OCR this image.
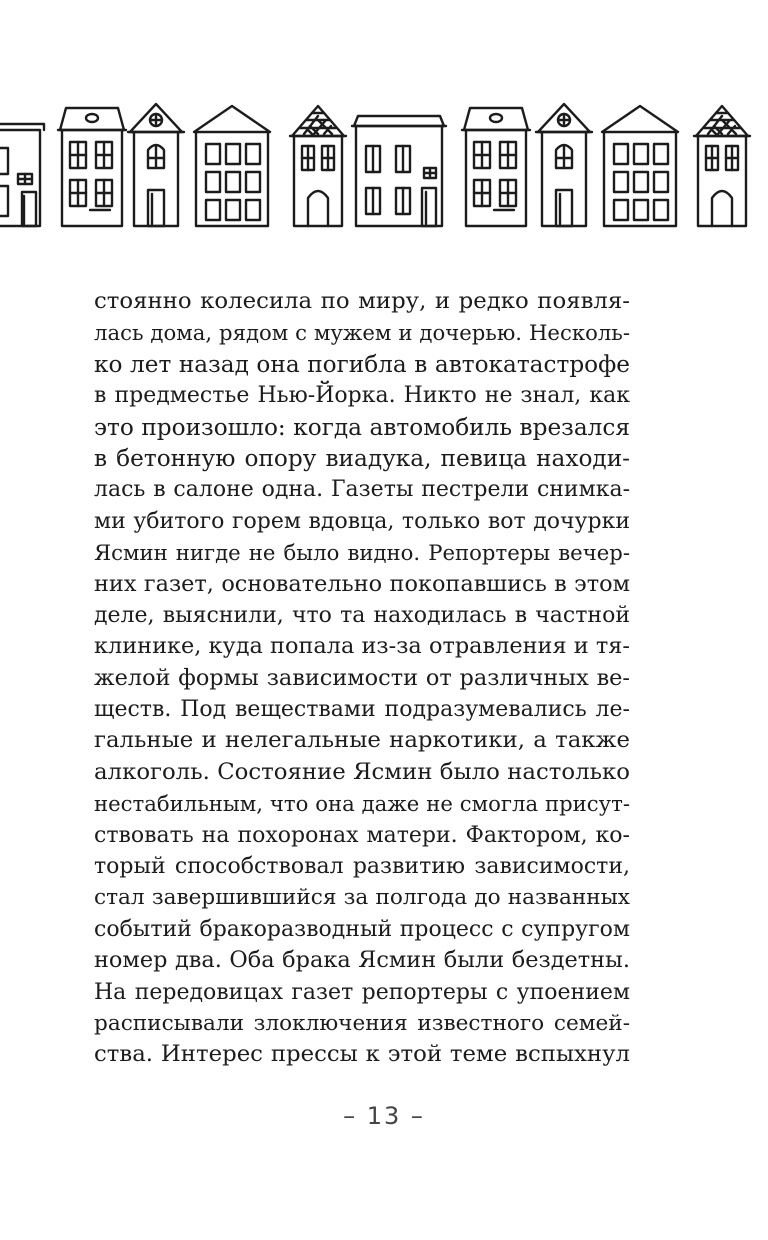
стоянно колесила по миру, и редко появля-
лась дома, рядом с мужем и дочерью. Несколь-
ко лет назад она погибла в автокатастрофе
в предместье Нью-Йорка. Никто не знал, как
это произошло: когда автомобиль врезался
в бетонную опору виадука, певица находи-
лась в салоне одна. Газеты пестрели снимка-
ми убитого горем вдовца, только вот дочурки
Ясмин нигде не было видно. Репортеры вечер-
них газет, основательно покопавшись в этом
деле, выяснили, что та находилась в частной
клинике, куда попала из-за отравления и тя-
желой формы зависимости от различных ве-
ществ. Под веществами подразумевались ле-
гальные и нелегальные наркотики, а также
алкоголь. Состояние Ясмин было настолько
нестабильным, что она даже не смогла присут-
ствовать на похоронах матери. Фактором, ко-
торый способствовал развитию зависимости,
стал завершившийся за полгода до названных
событий бракоразводный процесс с супругом
номер два. Оба брака Ясмин были бездетны.
На передовицах газет репортеры с упоением
расписывали злоключения известного семей-
ства. Интерес прессы к этой теме вспыхнул
– 13 –
